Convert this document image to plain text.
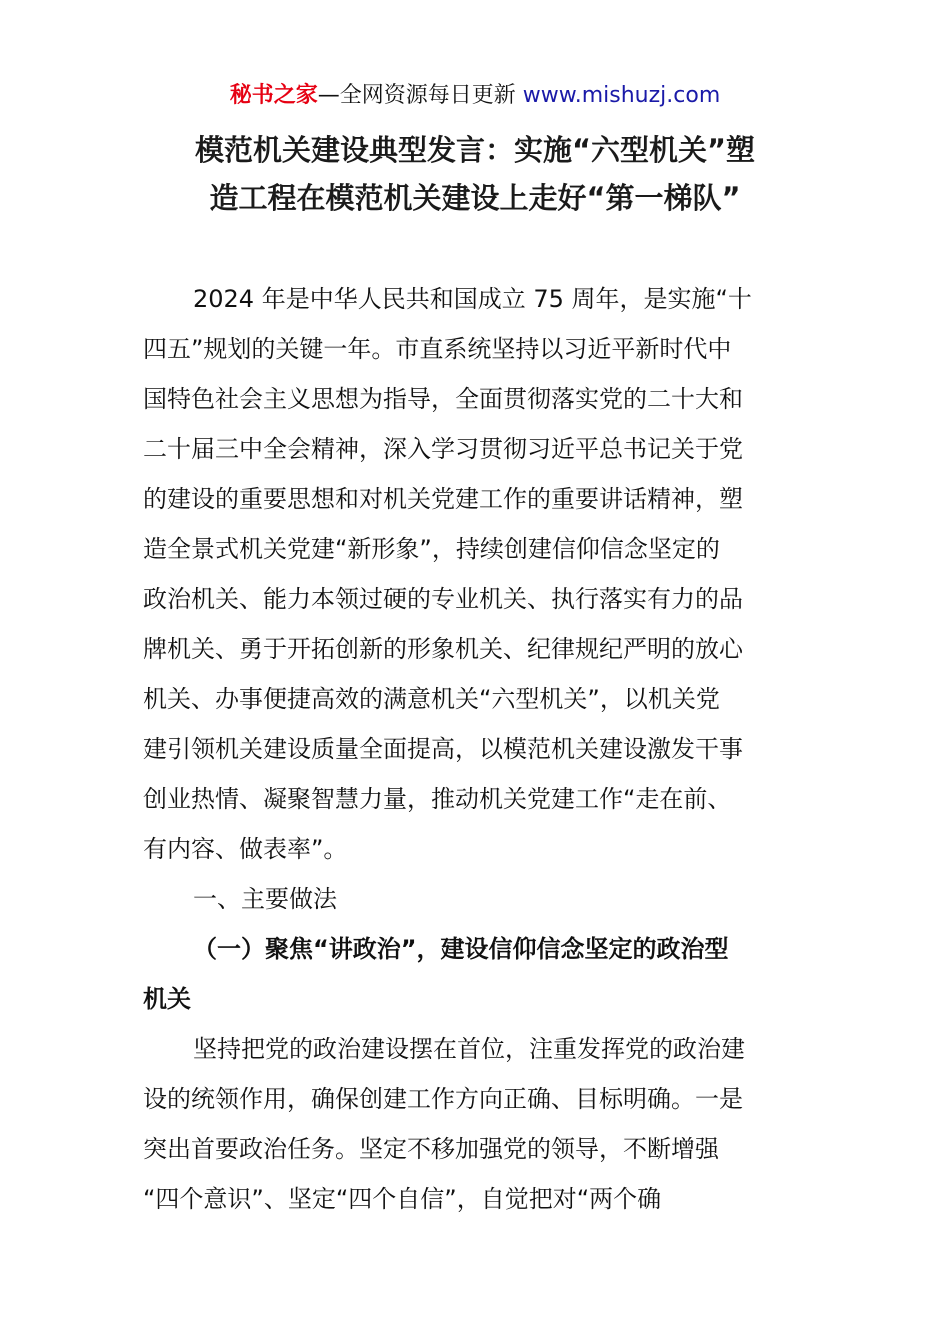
秘书之家—全网资源每日更新 www.mishuzj.com
模范机关建设典型发言：实施“六型机关”塑
造工程在模范机关建设上走好“第一梯队”
2024 年是中华人民共和国成立 75 周年，是实施“十
四五”规划的关键一年。市直系统坚持以习近平新时代中
国特色社会主义思想为指导，全面贯彻落实党的二十大和
二十届三中全会精神，深入学习贯彻习近平总书记关于党
的建设的重要思想和对机关党建工作的重要讲话精神，塑
造全景式机关党建“新形象”，持续创建信仰信念坚定的
政治机关、能力本领过硬的专业机关、执行落实有力的品
牌机关、勇于开拓创新的形象机关、纪律规纪严明的放心
机关、办事便捷高效的满意机关“六型机关”，以机关党
建引领机关建设质量全面提高，以模范机关建设激发干事
创业热情、凝聚智慧力量，推动机关党建工作“走在前、
有内容、做表率”。
一、主要做法
（一）聚焦“讲政治”，建设信仰信念坚定的政治型
机关
坚持把党的政治建设摆在首位，注重发挥党的政治建
设的统领作用，确保创建工作方向正确、目标明确。一是
突出首要政治任务。坚定不移加强党的领导，不断增强
“四个意识”、坚定“四个自信”，自觉把对“两个确
